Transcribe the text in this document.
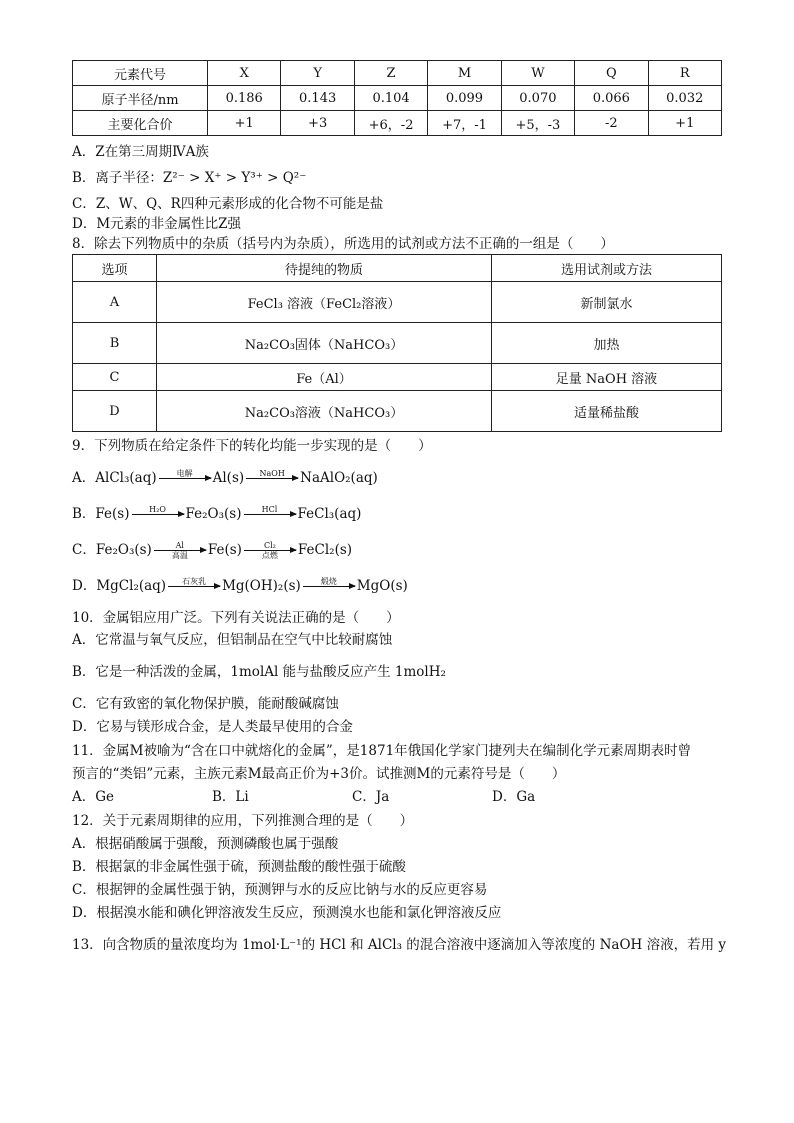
元素代号	X	Y	Z	M	W	Q	R
原子半径/nm	0.186	0.143	0.104	0.099	0.070	0.066	0.032
主要化合价	+1	+3	+6，-2	+7，-1	+5，-3	-2	+1

A．Z在第三周期ⅣA族

B．离子半径：Z²⁻ > X⁺ > Y³⁺ > Q²⁻

C．Z、W、Q、R四种元素形成的化合物不可能是盐

D．M元素的非金属性比Z强

8．除去下列物质中的杂质（括号内为杂质），所选用的试剂或方法不正确的一组是（　　）

选项	待提纯的物质	选用试剂或方法
A	FeCl₃ 溶液（FeCl₂溶液）	新制氯水
B	Na₂CO₃固体（NaHCO₃）	加热
C	Fe（Al）	足量 NaOH 溶液
D	Na₂CO₃溶液（NaHCO₃）	适量稀盐酸

9．下列物质在给定条件下的转化均能一步实现的是（　　）

A．AlCl₃(aq)	电解 Al(s) NaOH NaAlO₂(aq)

B．Fe(s) H₂O Fe₂O₃(s)	HCl FeCl₃(aq)

C．Fe₂O₃(s)	Al
高温 Fe(s)	Cl₂
点燃 FeCl₂(s)

D．MgCl₂(aq) 石灰乳 Mg(OH)₂(s)	煅烧 MgO(s)

10．金属铝应用广泛。下列有关说法正确的是（　　）

A．它常温与氧气反应，但铝制品在空气中比较耐腐蚀

B．它是一种活泼的金属，1molAl 能与盐酸反应产生 1molH₂

C．它有致密的氧化物保护膜，能耐酸碱腐蚀

D．它易与镁形成合金，是人类最早使用的合金

11．金属M被喻为“含在口中就熔化的金属”，是1871年俄国化学家门捷列夫在编制化学元素周期表时曾

预言的“类铝”元素，主族元素M最高正价为+3价。试推测M的元素符号是（　　）

A．Ge	B．Li	C．Ja	D．Ga

12．关于元素周期律的应用，下列推测合理的是（　　）

A．根据硝酸属于强酸，预测磷酸也属于强酸

B．根据氯的非金属性强于硫，预测盐酸的酸性强于硫酸

C．根据钾的金属性强于钠，预测钾与水的反应比钠与水的反应更容易

D．根据溴水能和碘化钾溶液发生反应，预测溴水也能和氯化钾溶液反应

13．向含物质的量浓度均为 1mol·L⁻¹的 HCl 和 AlCl₃ 的混合溶液中逐滴加入等浓度的 NaOH 溶液，若用 y
